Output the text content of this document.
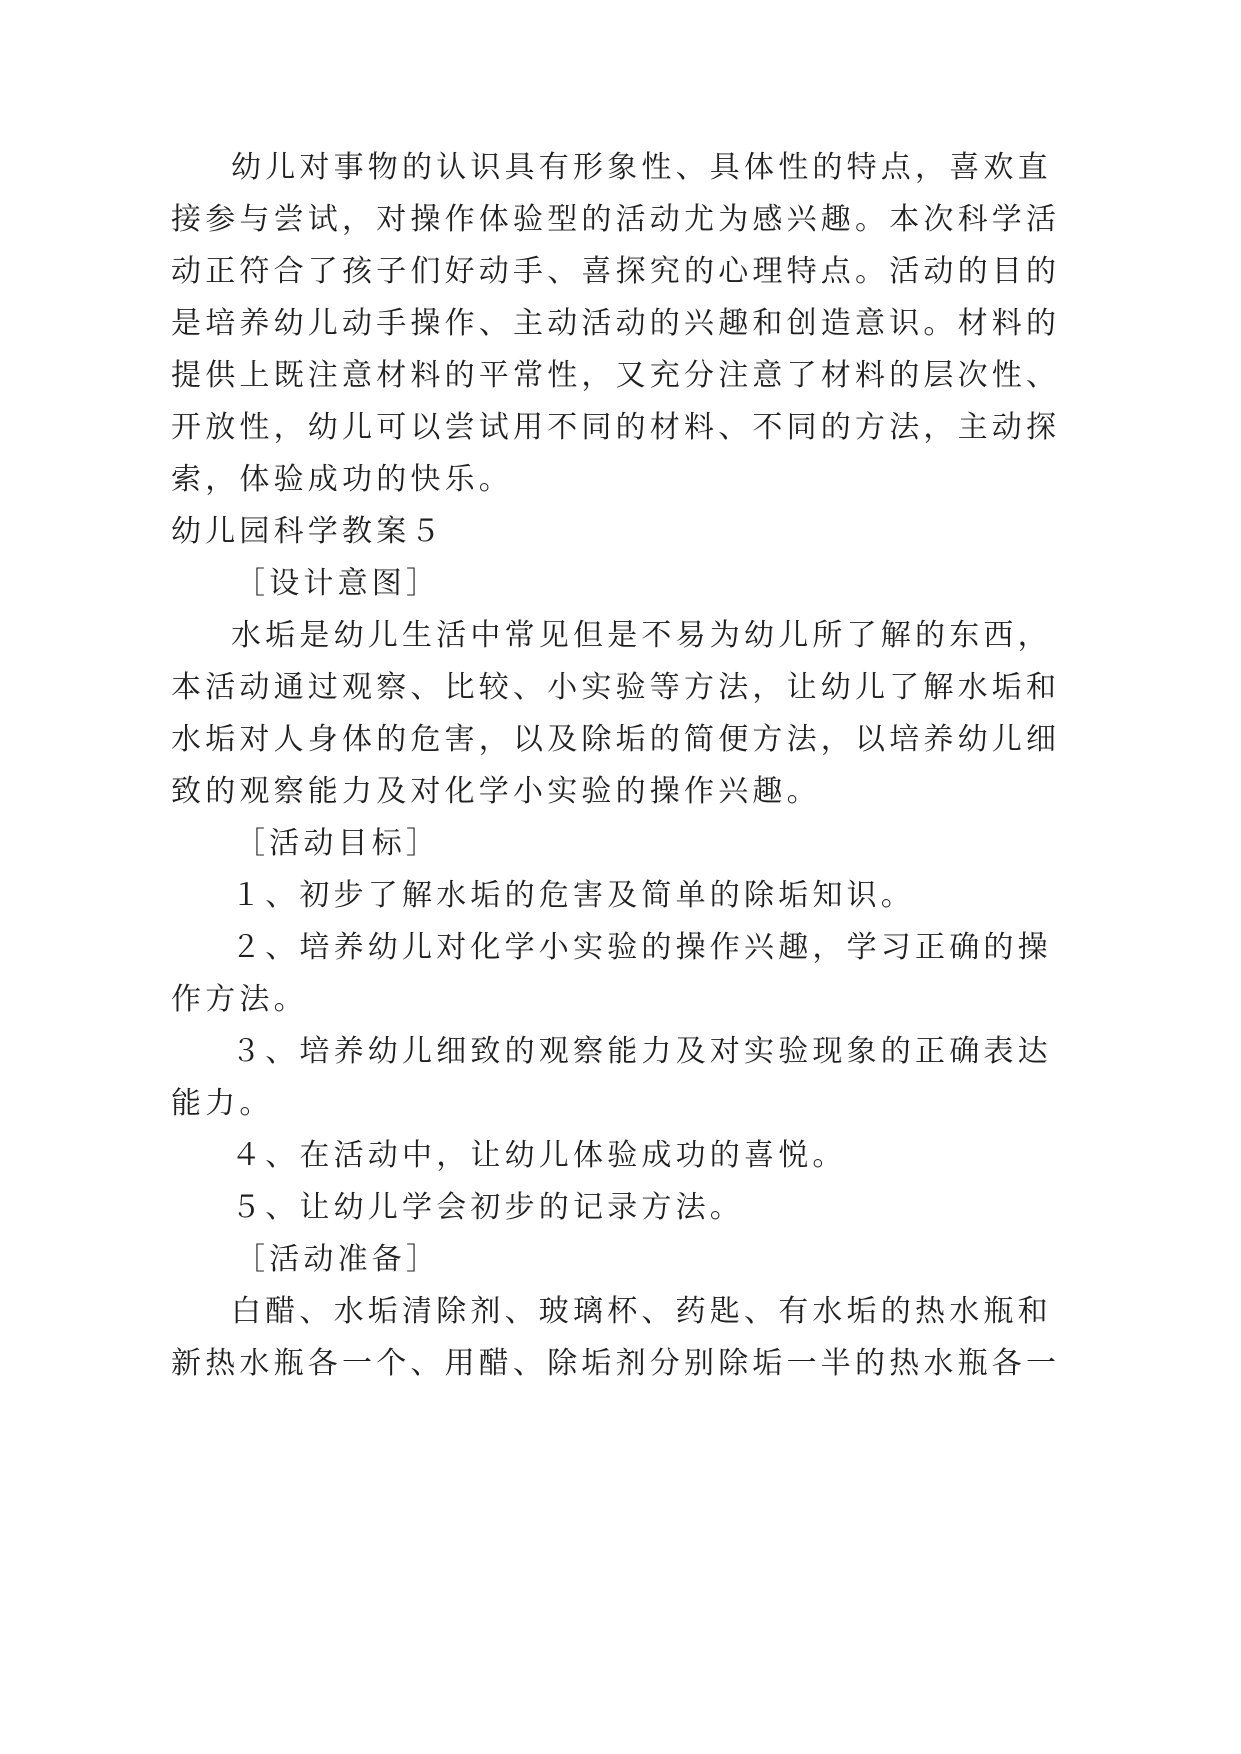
幼儿对事物的认识具有形象性、具体性的特点，喜欢直
接参与尝试，对操作体验型的活动尤为感兴趣。本次科学活
动正符合了孩子们好动手、喜探究的心理特点。活动的目的
是培养幼儿动手操作、主动活动的兴趣和创造意识。材料的
提供上既注意材料的平常性，又充分注意了材料的层次性、
开放性，幼儿可以尝试用不同的材料、不同的方法，主动探
索，体验成功的快乐。
幼儿园科学教案５
［设计意图］
水垢是幼儿生活中常见但是不易为幼儿所了解的东西，
本活动通过观察、比较、小实验等方法，让幼儿了解水垢和
水垢对人身体的危害，以及除垢的简便方法，以培养幼儿细
致的观察能力及对化学小实验的操作兴趣。
［活动目标］
１、初步了解水垢的危害及简单的除垢知识。
２、培养幼儿对化学小实验的操作兴趣，学习正确的操
作方法。
３、培养幼儿细致的观察能力及对实验现象的正确表达
能力。
４、在活动中，让幼儿体验成功的喜悦。
５、让幼儿学会初步的记录方法。
［活动准备］
白醋、水垢清除剂、玻璃杯、药匙、有水垢的热水瓶和
新热水瓶各一个、用醋、除垢剂分别除垢一半的热水瓶各一
